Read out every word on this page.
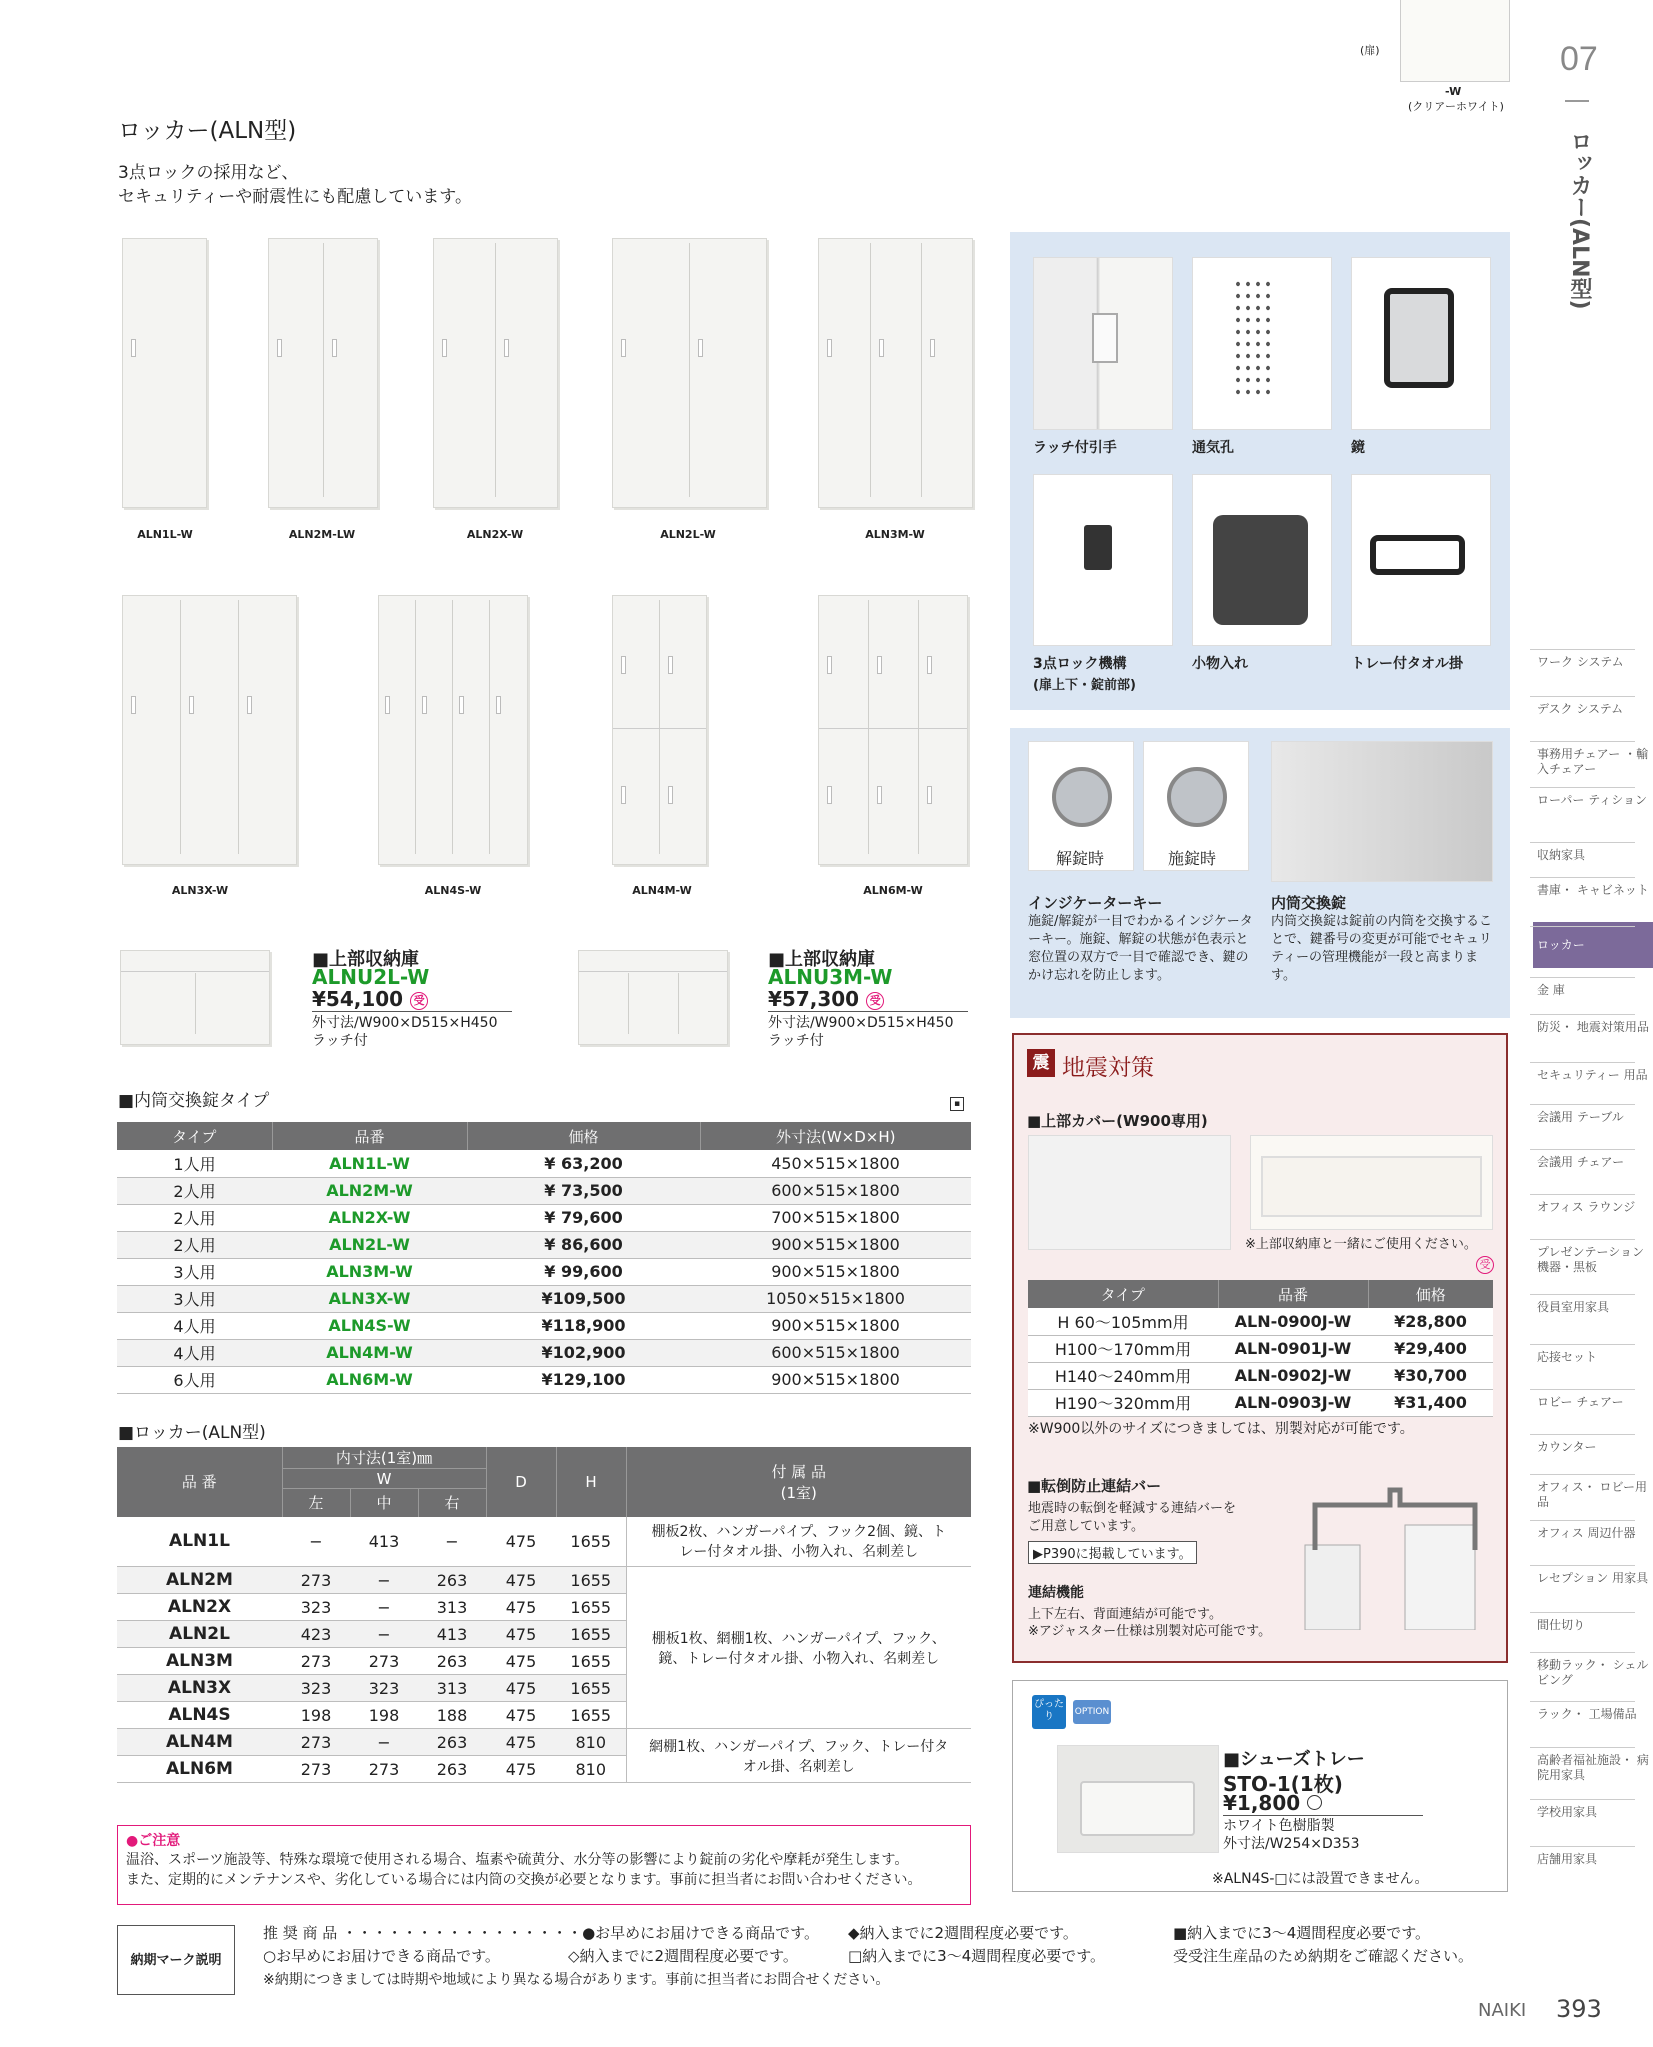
(扉)
-W
(クリアーホワイト)
07
ロッカー(ALN型)
ロッカー(ALN型)
3点ロックの採用など、
セキュリティーや耐震性にも配慮しています。
ALN1L-W	ALN2M-LW	ALN2X-W	ALN2L-W	ALN3M-W
ALN3X-W	ALN4S-W	ALN4M-W	ALN6M-W
■上部収納庫
ALNU2L-W
¥54,100 受
外寸法/W900×D515×H450
ラッチ付
■上部収納庫
ALNU3M-W
¥57,300 受
外寸法/W900×D515×H450
ラッチ付
■内筒交換錠タイプ	▪
タイプ	品番	価格	外寸法(W×D×H)
1人用	ALN1L-W	¥ 63,200	450×515×1800
2人用	ALN2M-W	¥ 73,500	600×515×1800
2人用	ALN2X-W	¥ 79,600	700×515×1800
2人用	ALN2L-W	¥ 86,600	900×515×1800
3人用	ALN3M-W	¥ 99,600	900×515×1800
3人用	ALN3X-W	¥109,500	1050×515×1800
4人用	ALN4S-W	¥118,900	900×515×1800
4人用	ALN4M-W	¥102,900	600×515×1800
6人用	ALN6M-W	¥129,100	900×515×1800
■ロッカー(ALN型)
品 番	内寸法(1室)㎜			D	H	付 属 品
(1室)
	W					
	左	中	右			
ALN1L	−	413	−	475	1655	棚板2枚、ハンガーパイプ、フック2個、鏡、トレー付タオル掛、小物入れ、名刺差し
ALN2M	273	−	263	475	1655	棚板1枚、網棚1枚、ハンガーパイプ、フック、鏡、トレー付タオル掛、小物入れ、名刺差し
ALN2X	323	−	313	475	1655	
ALN2L	423	−	413	475	1655	
ALN3M	273	273	263	475	1655	
ALN3X	323	323	313	475	1655	
ALN4S	198	198	188	475	1655	
ALN4M	273	−	263	475	810	網棚1枚、ハンガーパイプ、フック、トレー付タオル掛、名刺差し
ALN6M	273	273	263	475	810	
●ご注意
温浴、スポーツ施設等、特殊な環境で使用される場合、塩素や硫黄分、水分等の影響により錠前の劣化や摩耗が発生します。
また、定期的にメンテナンスや、劣化している場合には内筒の交換が必要となります。事前に担当者にお問い合わせください。
ラッチ付引手	通気孔	鏡
3点ロック機構
(扉上下・錠前部)
小物入れ	トレー付タオル掛
解錠時	施錠時
インジケーターキー
施錠/解錠が一目でわかるインジケーターキー。施錠、解錠の状態が色表示と窓位置の双方で一目で確認でき、鍵のかけ忘れを防止します。
内筒交換錠
内筒交換錠は錠前の内筒を交換することで、鍵番号の変更が可能でセキュリティーの管理機能が一段と高まります。
震 地震対策
■上部カバー(W900専用)
※上部収納庫と一緒にご使用ください。
受
タイプ	品番	価格
H 60〜105mm用	ALN-0900J-W	¥28,800
H100〜170mm用	ALN-0901J-W	¥29,400
H140〜240mm用	ALN-0902J-W	¥30,700
H190〜320mm用	ALN-0903J-W	¥31,400
※W900以外のサイズにつきましては、別製対応が可能です。
■転倒防止連結バー
地震時の転倒を軽減する連結バーを
ご用意しています。
▶P390に掲載しています。
連結機能
上下左右、背面連結が可能です。
※アジャスター仕様は別製対応可能です。
ぴったり	OPTION
■シューズトレー
STO-1(1枚)
¥1,800
ホワイト色樹脂製
外寸法/W254×D353
※ALN4S-□には設置できません。
納期マーク説明
推 奨 商 品 ・・・・・・・・・・・・・・・・●お早めにお届けできる商品です。 ◆納入までに2週間程度必要です。	■納入までに3〜4週間程度必要です。
○お早めにお届けできる商品です。	◇納入までに2週間程度必要です。	□納入までに3〜4週間程度必要です。	受受注生産品のため納期をご確認ください。
※納期につきましては時期や地域により異なる場合があります。事前に担当者にお問合せください。
NAIKI 393
ワーク システム
デスク システム
事務用チェアー ・輸入チェアー
ローパー ティション
収納家具
書庫・ キャビネット
ロッカー
金 庫
防災・ 地震対策用品
セキュリティー 用品
会議用 テーブル
会議用 チェアー
オフィス ラウンジ
プレゼンテーション 機器・黒板
役員室用家具
応接セット
ロビー チェアー
カウンター
オフィス・ ロビー用品
オフィス 周辺什器
レセプション 用家具
間仕切り
移動ラック・ シェルビング
ラック・ 工場備品
高齢者福祉施設・ 病院用家具
学校用家具
店舗用家具
